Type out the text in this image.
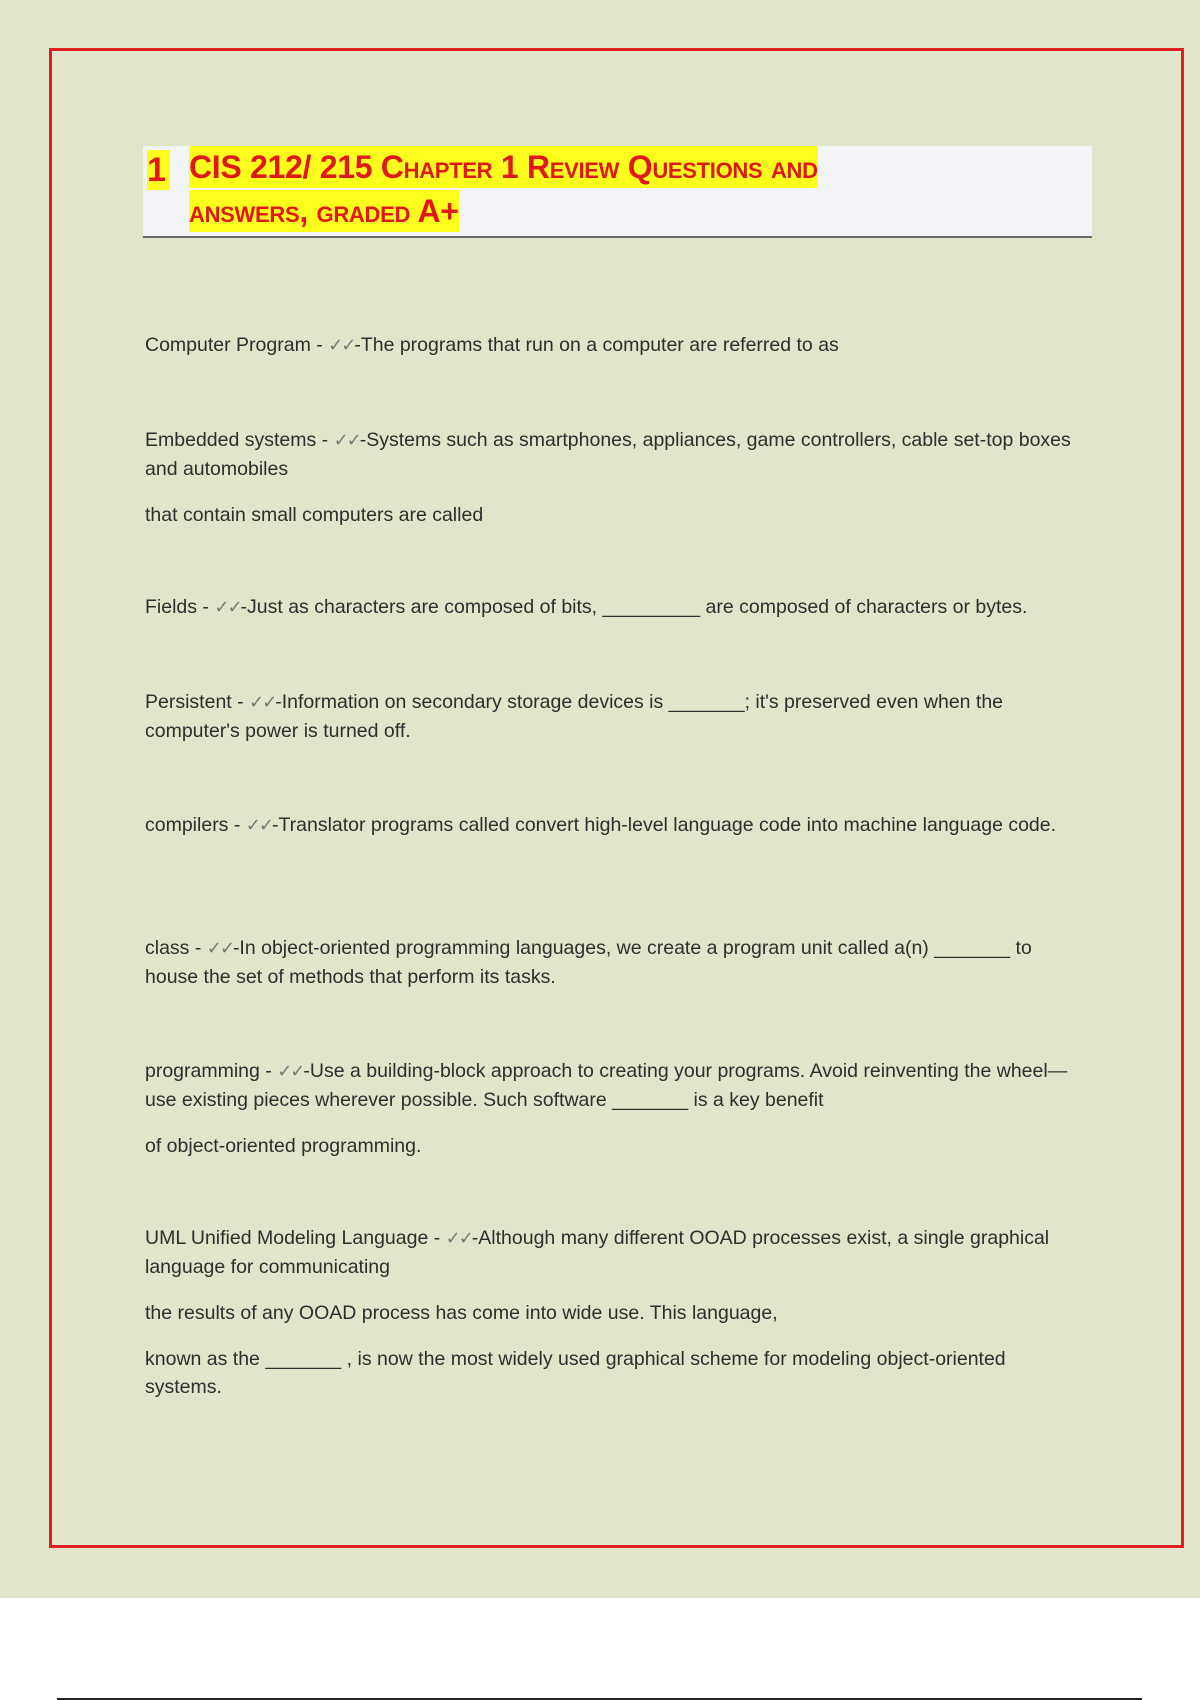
1 CIS 212/ 215 Chapter 1 Review Questions and
answers, graded A+

Computer Program - ✓✓-The programs that run on a computer are referred to as

Embedded systems - ✓✓-Systems such as smartphones, appliances, game controllers, cable set-top boxes and automobiles

that contain small computers are called

Fields - ✓✓-Just as characters are composed of bits, _________ are composed of characters or bytes.

Persistent - ✓✓-Information on secondary storage devices is _______; it's preserved even when the computer's power is turned off.

compilers - ✓✓-Translator programs called convert high-level language code into machine language code.

class - ✓✓-In object-oriented programming languages, we create a program unit called a(n) _______ to house the set of methods that perform its tasks.

programming - ✓✓-Use a building-block approach to creating your programs. Avoid reinventing the wheel—use existing pieces wherever possible. Such software _______ is a key benefit

of object-oriented programming.

UML Unified Modeling Language - ✓✓-Although many different OOAD processes exist, a single graphical language for communicating

the results of any OOAD process has come into wide use. This language,

known as the _______ , is now the most widely used graphical scheme for modeling object-oriented systems.
